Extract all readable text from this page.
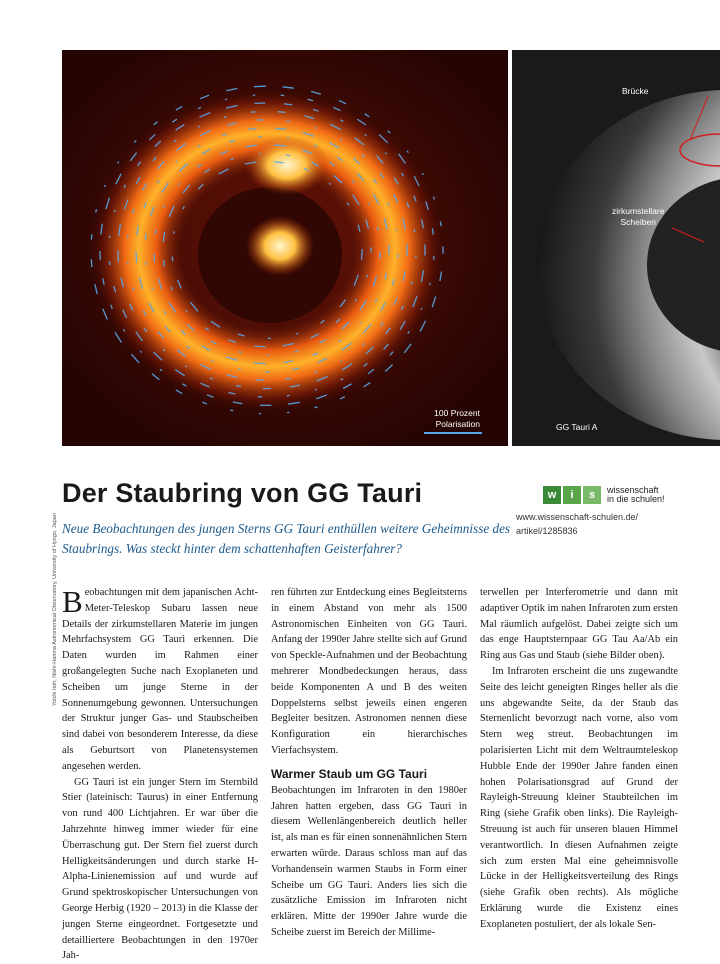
100 Prozent
Polarisation
Yoichi Itoh, Nishi-Harima Astronomical Observatory, University of Hyogo, Japan
Brücke
zirkumstellare
Scheiben
GG Tauri A
Der Staubring von GG Tauri
Neue Beobachtungen des jungen Sterns GG Tauri enthüllen weitere Geheimnisse des Staubrings. Was steckt hinter dem schattenhaften Geisterfahrer?
w	i	s	wissenschaft
in die schulen!
www.wissenschaft-schulen.de/
artikel/1285836

Beobachtungen mit dem japanischen Acht-Meter-Teleskop Subaru lassen neue Details der zirkumstellaren Materie im jungen Mehrfachsystem GG Tauri erkennen. Die Daten wurden im Rahmen einer großangelegten Suche nach Exoplaneten und Scheiben um junge Sterne in der Sonnenumgebung gewonnen. Untersuchungen der Struktur junger Gas- und Staubscheiben sind dabei von besonderem Interesse, da diese als Geburtsort von Planetensystemen angesehen werden.

GG Tauri ist ein junger Stern im Sternbild Stier (lateinisch: Taurus) in einer Entfernung von rund 400 Lichtjahren. Er war über die Jahrzehnte hinweg immer wieder für eine Überraschung gut. Der Stern fiel zuerst durch Helligkeitsänderungen und durch starke H-Alpha-Linienemission auf und wurde auf Grund spektroskopischer Untersuchungen von George Herbig (1920 – 2013) in die Klasse der jungen Sterne eingeordnet. Fortgesetzte und detailliertere Beobachtungen in den 1970er Jah-

ren führten zur Entdeckung eines Begleitsterns in einem Abstand von mehr als 1500 Astronomischen Einheiten von GG Tauri. Anfang der 1990er Jahre stellte sich auf Grund von Speckle-Aufnahmen und der Beobachtung mehrerer Mondbedeckungen heraus, dass beide Komponenten A und B des weiten Doppelsterns selbst jeweils einen engeren Begleiter besitzen. Astronomen nennen diese Konfiguration ein hierarchisches Vierfachsystem.

Warmer Staub um GG Tauri

Beobachtungen im Infraroten in den 1980er Jahren hatten ergeben, dass GG Tauri in diesem Wellenlängenbereich deutlich heller ist, als man es für einen sonnenähnlichen Stern erwarten würde. Daraus schloss man auf das Vorhandensein warmen Staubs in Form einer Scheibe um GG Tauri. Anders lies sich die zusätzliche Emission im Infraroten nicht erklären. Mitte der 1990er Jahre wurde die Scheibe zuerst im Bereich der Millime-

terwellen per Interferometrie und dann mit adaptiver Optik im nahen Infraroten zum ersten Mal räumlich aufgelöst. Dabei zeigte sich um das enge Hauptsternpaar GG Tau Aa/Ab ein Ring aus Gas und Staub (siehe Bilder oben).

Im Infraroten erscheint die uns zugewandte Seite des leicht geneigten Ringes heller als die uns abgewandte Seite, da der Staub das Sternenlicht bevorzugt nach vorne, also vom Stern weg streut. Beobachtungen im polarisierten Licht mit dem Weltraumteleskop Hubble Ende der 1990er Jahre fanden einen hohen Polarisationsgrad auf Grund der Rayleigh-Streuung kleiner Staubteilchen im Ring (siehe Grafik oben links). Die Rayleigh-Streuung ist auch für unseren blauen Himmel verantwortlich. In diesen Aufnahmen zeigte sich zum ersten Mal eine geheimnisvolle Lücke in der Helligkeitsverteilung des Rings (siehe Grafik oben rechts). Als mögliche Erklärung wurde die Existenz eines Exoplaneten postuliert, der als lokale Sen-
